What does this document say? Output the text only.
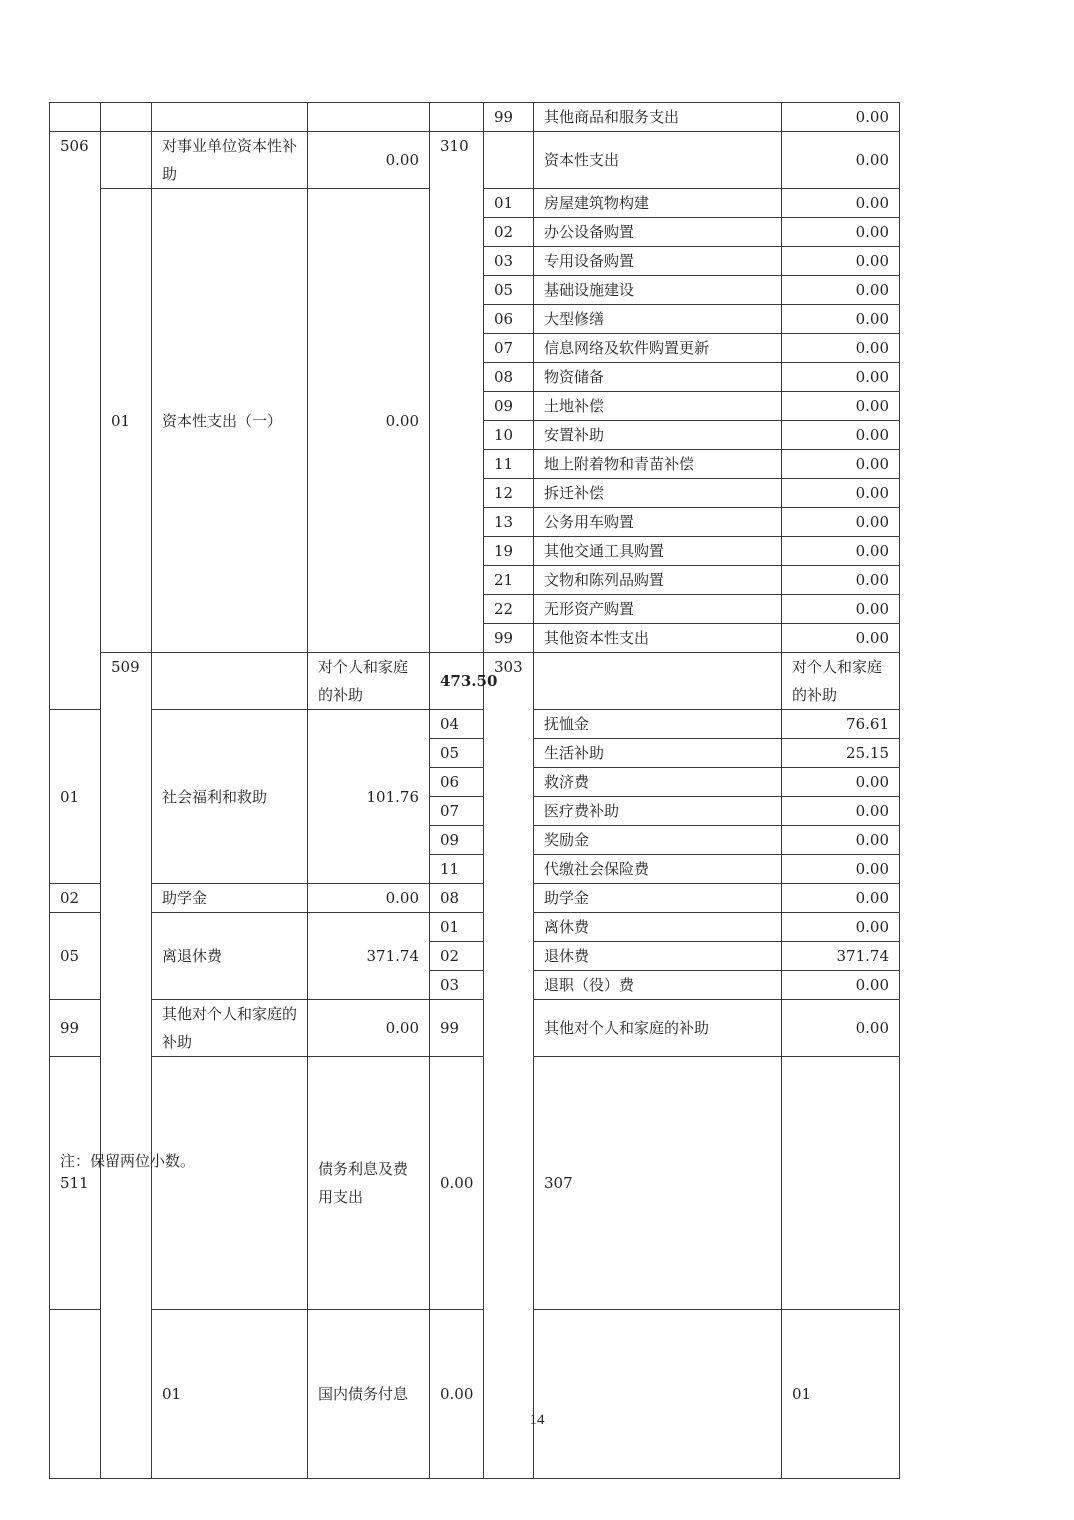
					99	其他商品和服务支出	0.00	
506		对事业单位资本性补助	0.00	310		资本性支出	0.00	
	01	资本性支出（一）	0.00		01	房屋建筑物构建	0.00	
					02	办公设备购置	0.00	
					03	专用设备购置	0.00	
					05	基础设施建设	0.00	
					06	大型修缮	0.00	
					07	信息网络及软件购置更新	0.00	
					08	物资储备	0.00	
					09	土地补偿	0.00	
					10	安置补助	0.00	
					11	地上附着物和青苗补偿	0.00	
					12	拆迁补偿	0.00	
					13	公务用车购置	0.00	
					19	其他交通工具购置	0.00	
					21	文物和陈列品购置	0.00	
					22	无形资产购置	0.00	
					99	其他资本性支出	0.00	
	509		对个人和家庭的补助	473.50	303		对个人和家庭的补助	
01		社会福利和救助	101.76	04		抚恤金	76.61	
				05		生活补助	25.15	
				06		救济费	0.00	
				07		医疗费补助	0.00	
				09		奖励金	0.00	
				11		代缴社会保险费	0.00	
02		助学金	0.00	08		助学金	0.00	
05		离退休费	371.74	01		离休费	0.00	
				02		退休费	371.74	
				03		退职（役）费	0.00	
99		其他对个人和家庭的补助	0.00	99		其他对个人和家庭的补助	0.00	
511			债务利息及费用支出	0.00		307			
		01	国内债务付息	0.00			01		
注：保留两位小数。
14
